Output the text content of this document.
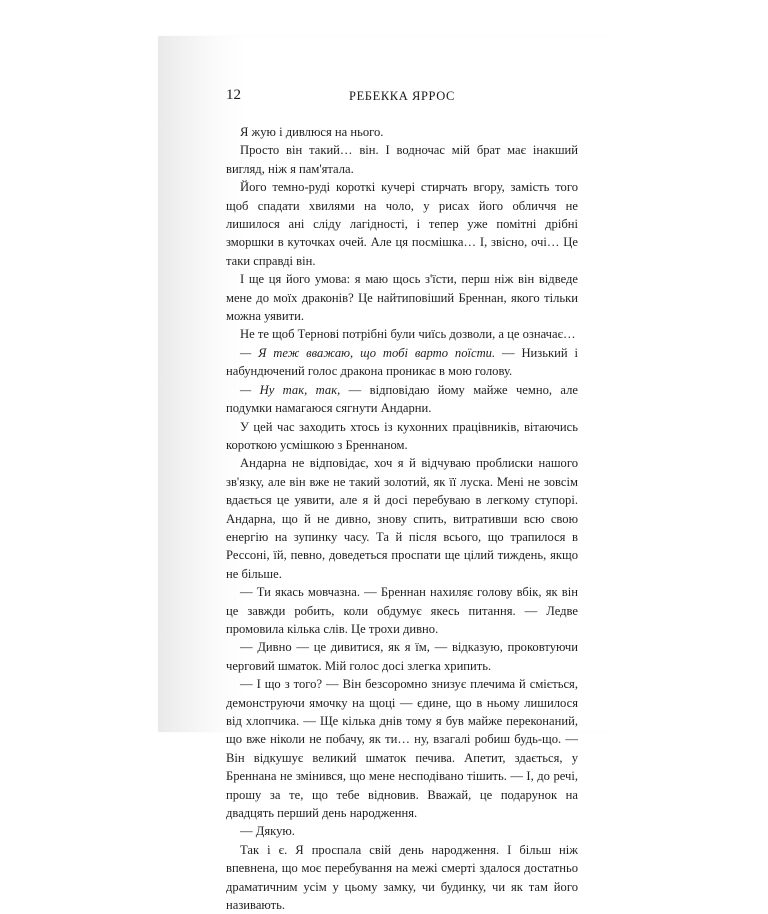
12	РЕБЕККА ЯРРОС

Я жую і дивлюся на нього.

Просто він такий… він. І водночас мій брат має інакший вигляд, ніж я пам'ятала.

Його темно-руді короткі кучері стирчать вгору, замість того щоб спадати хвилями на чоло, у рисах його обличчя не лишилося ані сліду лагідності, і тепер уже помітні дрібні зморшки в куточках очей. Але ця посмішка… І, звісно, очі… Це таки справді він.

І ще ця його умова: я маю щось з'їсти, перш ніж він відведе мене до моїх драконів? Це найтиповіший Бреннан, якого тільки можна уявити.

Не те щоб Тернові потрібні були чиїсь дозволи, а це означає…

— Я теж вважаю, що тобі варто поїсти. — Низький і набундючений голос дракона проникає в мою голову.

— Ну так, так, — відповідаю йому майже чемно, але подумки намагаюся сягнути Андарни.

У цей час заходить хтось із кухонних працівників, вітаючись короткою усмішкою з Бреннаном.

Андарна не відповідає, хоч я й відчуваю проблиски нашого зв'язку, але він вже не такий золотий, як її луска. Мені не зовсім вдається це уявити, але я й досі перебуваю в легкому ступорі. Андарна, що й не дивно, знову спить, витративши всю свою енергію на зупинку часу. Та й після всього, що трапилося в Рессоні, їй, певно, доведеться проспати ще цілий тиждень, якщо не більше.

— Ти якась мовчазна. — Бреннан нахиляє голову вбік, як він це завжди робить, коли обдумує якесь питання. — Ледве промовила кілька слів. Це трохи дивно.

— Дивно — це дивитися, як я їм, — відказую, проковтуючи черговий шматок. Мій голос досі злегка хрипить.

— І що з того? — Він безсоромно знизує плечима й сміється, демонструючи ямочку на щоці — єдине, що в ньому лишилося від хлопчика. — Ще кілька днів тому я був майже переконаний, що вже ніколи не побачу, як ти… ну, взагалі робиш будь-що. — Він відкушує великий шматок печива. Апетит, здається, у Бреннана не змінився, що мене несподівано тішить. — І, до речі, прошу за те, що тебе відновив. Вважай, це подарунок на двадцять перший день народження.

— Дякую.

Так і є. Я проспала свій день народження. І більш ніж впевнена, що моє перебування на межі смерті здалося достатньо драматичним усім у цьому замку, чи будинку, чи як там його називають.
